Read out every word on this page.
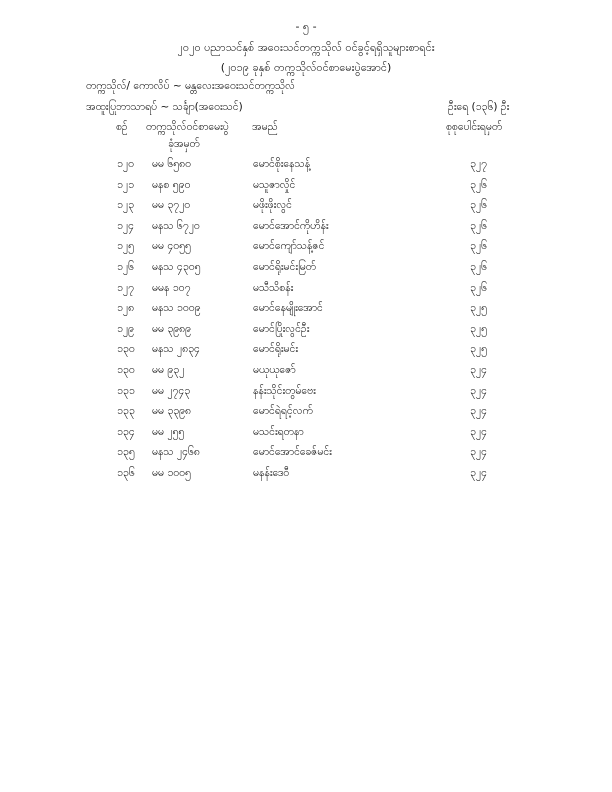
- ၅ -
၂၀၂၀ ပညာသင်နှစ် အဝေးသင်တက္ကသိုလ် ဝင်ခွင့်ရရှိသူများစာရင်း
(၂၀၁၉ ခုနှစ် တက္ကသိုလ်ဝင်စာမေးပွဲအောင်)
တက္ကသိုလ်/ ကောလိပ် ~ မန္တလေးအဝေးသင်တက္ကသိုလ်
အထူးပြုဘာသာရပ် ~ သင်္ချာ(အဝေးသင်)	ဦးရေ (၁၃၆) ဦး
စဉ် တက္ကသိုလ်ဝင်စာမေးပွဲ အမည်	စုစုပေါင်းရမှတ်
ခုံအမှတ်
၁၂၀ မမ ၆၅၈၀	မောင်စိုးနေသန့်	၃၂၇
၁၂၁ မနစ ၅၉၀	မသူဇာလှိုင်	၃၂၆
၁၂၃ မမ ၃၇၂၀	မဖိုးဖိုးလွင်	၃၂၆
၁၂၄ မနသ ၆၇၂၀	မောင်အောင်ကိုဟိန်း	၃၂၆
၁၂၅ မမ ၄၀၅၅	မောင်ကျော်သန့်ဇင်	၃၂၆
၁၂၆ မနသ ၄၃၀၅	မောင်ရိုးမင်းမြတ်	၃၂၆
၁၂၇ မမန ၁၀၇	မသီသိစန်း	၃၂၆
၁၂၈ မနသ ၁၀၀၉	မောင်နေမျိုးအောင်	၃၂၅
၁၂၉ မမ ၃၉၈၉	မောင်ပြိုးလွင်ဦး	၃၂၅
၁၃၀ မနသ ၂၈၃၄	မောင်ရိုးမင်း	၃၂၅
၁၃၀ မမ ၉၃၂	မယုယုဇော်	၃၂၄
၁၃၁ မမ ၂၇၄၃	နန်းသိုင်းတွမ်ဗေး	၃၂၄
၁၃၃ မမ ၃၃၉၈	မောင်ရဲရင့်လက်	၃၂၄
၁၃၄ မမ ၂၅၅	မသင်းရတနာ	၃၂၄
၁၃၅ မနသ ၂၄၆၈	မောင်အောင်ခေဇ်မင်း	၃၂၄
၁၃၆ မမ ၁၀၀၅	မနန်းဒေဝီ	၃၂၄
